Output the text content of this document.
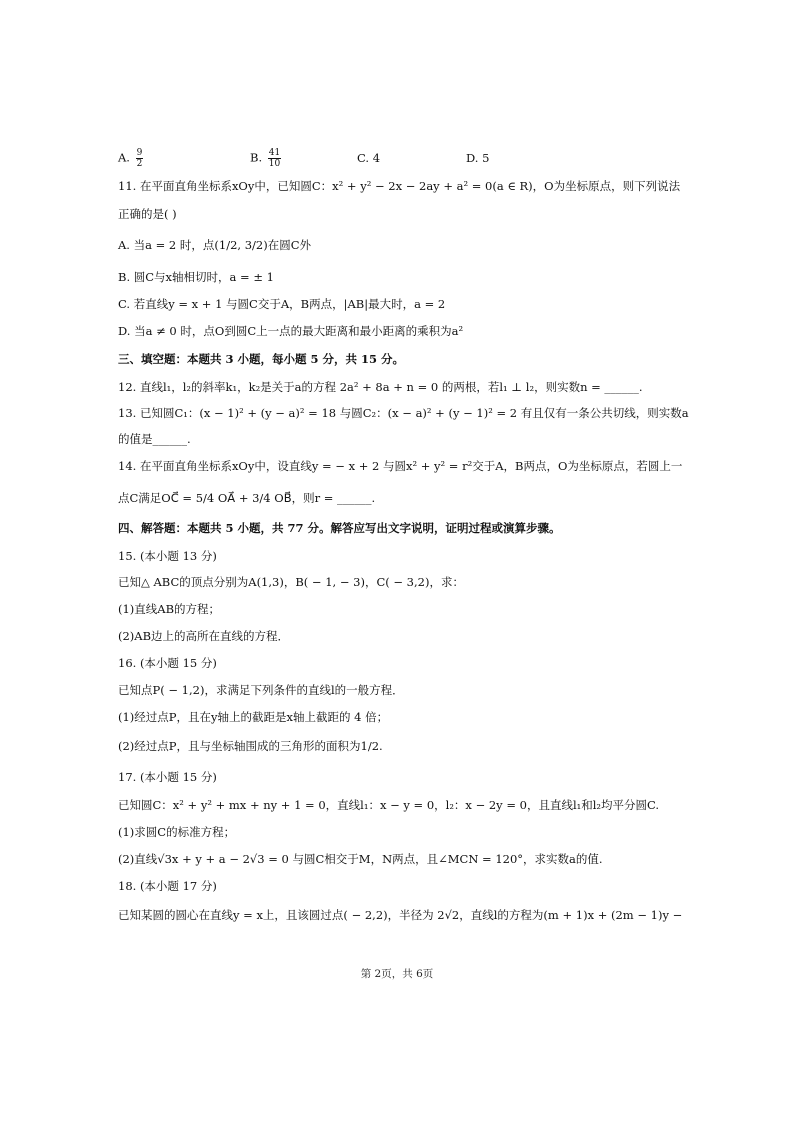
A. $\frac{9}{2}$	B. $\frac{41}{10}$	C. 4	D. 5
11. 在平面直角坐标系xOy中，已知圆C：x² + y² − 2x − 2ay + a² = 0(a ∈ R)，O为坐标原点，则下列说法
正确的是( )
A. 当a = 2 时，点(1/2, 3/2)在圆C外
B. 圆C与x轴相切时，a = ± 1
C. 若直线y = x + 1 与圆C交于A，B两点，|AB|最大时，a = 2
D. 当a ≠ 0 时，点O到圆C上一点的最大距离和最小距离的乘积为a²
三、填空题：本题共 3 小题，每小题 5 分，共 15 分。
12. 直线l₁，l₂的斜率k₁，k₂是关于a的方程 2a² + 8a + n = 0 的两根，若l₁ ⊥ l₂，则实数n = ______.
13. 已知圆C₁：(x − 1)² + (y − a)² = 18 与圆C₂：(x − a)² + (y − 1)² = 2 有且仅有一条公共切线，则实数a
的值是______.
14. 在平面直角坐标系xOy中，设直线y = − x + 2 与圆x² + y² = r²交于A，B两点，O为坐标原点，若圆上一
点C满足OC⃗ = 5/4 OA⃗ + 3/4 OB⃗，则r = ______.
四、解答题：本题共 5 小题，共 77 分。解答应写出文字说明，证明过程或演算步骤。
15. (本小题 13 分)
已知△ ABC的顶点分别为A(1,3)，B( − 1, − 3)，C( − 3,2)，求：
(1)直线AB的方程；
(2)AB边上的高所在直线的方程．
16. (本小题 15 分)
已知点P( − 1,2)，求满足下列条件的直线l的一般方程．
(1)经过点P，且在y轴上的截距是x轴上截距的 4 倍；
(2)经过点P，且与坐标轴围成的三角形的面积为1/2.
17. (本小题 15 分)
已知圆C：x² + y² + mx + ny + 1 = 0，直线l₁：x − y = 0，l₂：x − 2y = 0，且直线l₁和l₂均平分圆C.
(1)求圆C的标准方程；
(2)直线√3x + y + a − 2√3 = 0 与圆C相交于M，N两点，且∠MCN = 120°，求实数a的值.
18. (本小题 17 分)
已知某圆的圆心在直线y = x上，且该圆过点( − 2,2)，半径为 2√2，直线l的方程为(m + 1)x + (2m − 1)y −
第 2页，共 6页
